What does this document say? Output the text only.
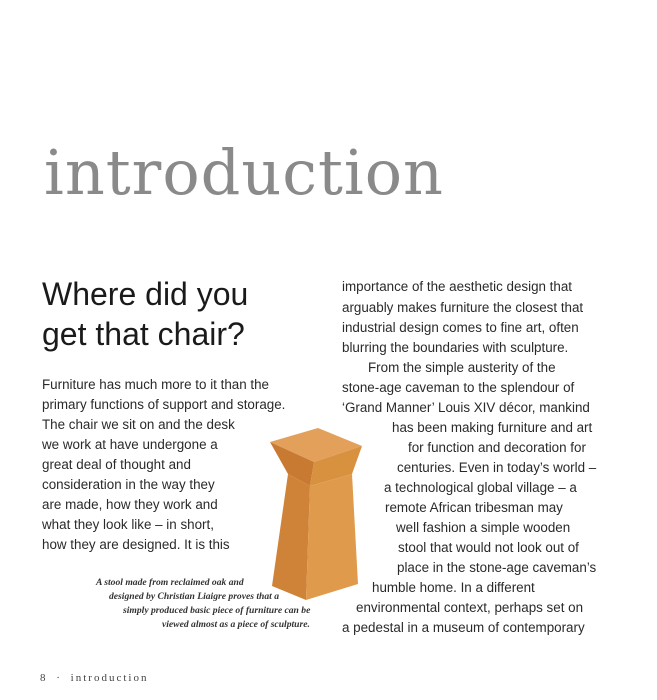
introduction
Where did you
get that chair?
Furniture has much more to it than the
primary functions of support and storage.
The chair we sit on and the desk
we work at have undergone a
great deal of thought and
consideration in the way they
are made, how they work and
what they look like – in short,
how they are designed. It is this
importance of the aesthetic design that
arguably makes furniture the closest that
industrial design comes to fine art, often
blurring the boundaries with sculpture.
From the simple austerity of the
stone-age caveman to the splendour of
‘Grand Manner’ Louis XIV décor, mankind
has been making furniture and art
for function and decoration for
centuries. Even in today’s world –
a technological global village – a
remote African tribesman may
well fashion a simple wooden
stool that would not look out of
place in the stone-age caveman’s
humble home. In a different
environmental context, perhaps set on
a pedestal in a museum of contemporary
A stool made from reclaimed oak and
designed by Christian Liaigre proves that a
simply produced basic piece of furniture can be
viewed almost as a piece of sculpture.
8 · introduction
